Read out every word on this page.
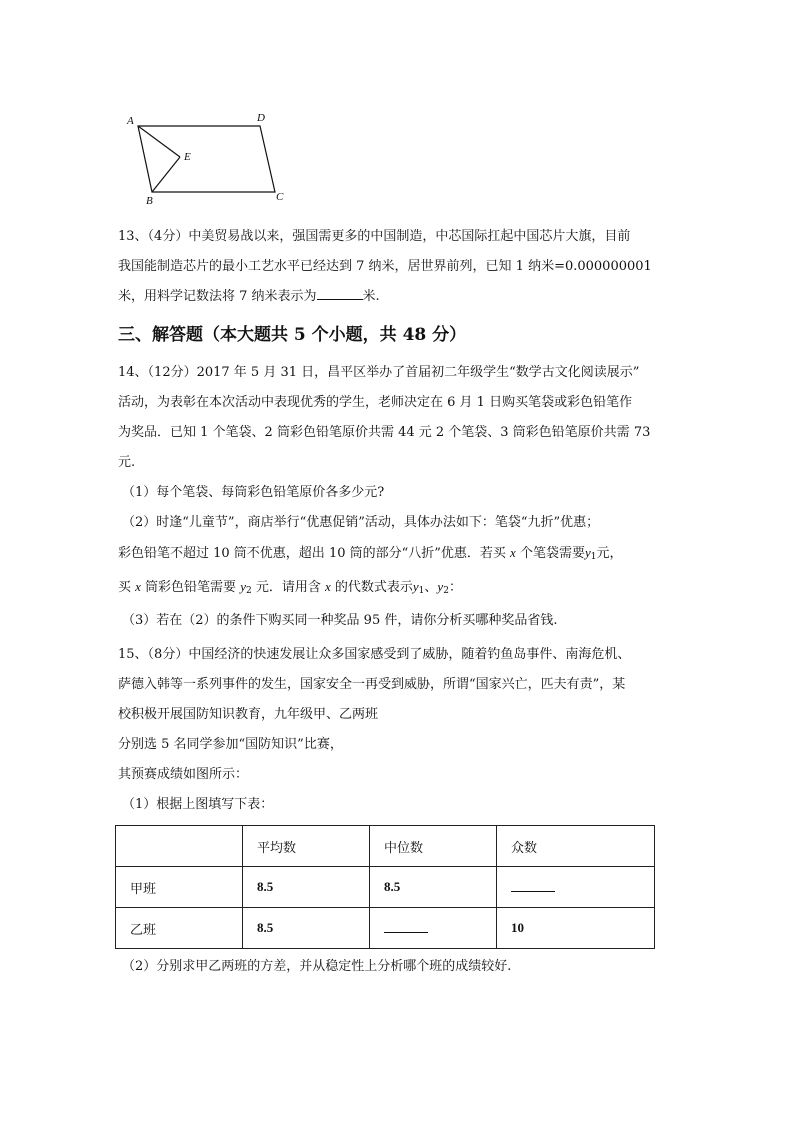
A	D
E
B	C
13、（4分）中美贸易战以来，强国需更多的中国制造，中芯国际扛起中国芯片大旗，目前
我国能制造芯片的最小工艺水平已经达到 7 纳米，居世界前列，已知 1 纳米=0.000000001
米，用料学记数法将 7 纳米表示为	米.
三、解答题（本大题共 5 个小题，共 48 分）
14、（12分）2017 年 5 月 31 日，昌平区举办了首届初二年级学生“数学古文化阅读展示”
活动，为表彰在本次活动中表现优秀的学生，老师决定在 6 月 1 日购买笔袋或彩色铅笔作
为奖品．已知 1 个笔袋、2 筒彩色铅笔原价共需 44 元 2 个笔袋、3 筒彩色铅笔原价共需 73
元.
（1）每个笔袋、每筒彩色铅笔原价各多少元?
（2）时逢“儿童节”，商店举行“优惠促销”活动，具体办法如下：笔袋“九折”优惠；
彩色铅笔不超过 10 筒不优惠，超出 10 筒的部分“八折”优惠．若买 x 个笔袋需要$y_1$元，
买 x 筒彩色铅笔需要 $y_2$ 元．请用含 x 的代数式表示$y_1$、$y_2$：
（3）若在（2）的条件下购买同一种奖品 95 件，请你分析买哪种奖品省钱.
15、（8分）中国经济的快速发展让众多国家感受到了威胁，随着钓鱼岛事件、南海危机、
萨德入韩等一系列事件的发生，国家安全一再受到威胁，所谓“国家兴亡，匹夫有责”，某
校积极开展国防知识教育，九年级甲、乙两班
分别选 5 名同学参加“国防知识”比赛，
其预赛成绩如图所示：
（1）根据上图填写下表：
	平均数	中位数	众数
甲班	8.5	8.5	
乙班	8.5		10
（2）分别求甲乙两班的方差，并从稳定性上分析哪个班的成绩较好.
